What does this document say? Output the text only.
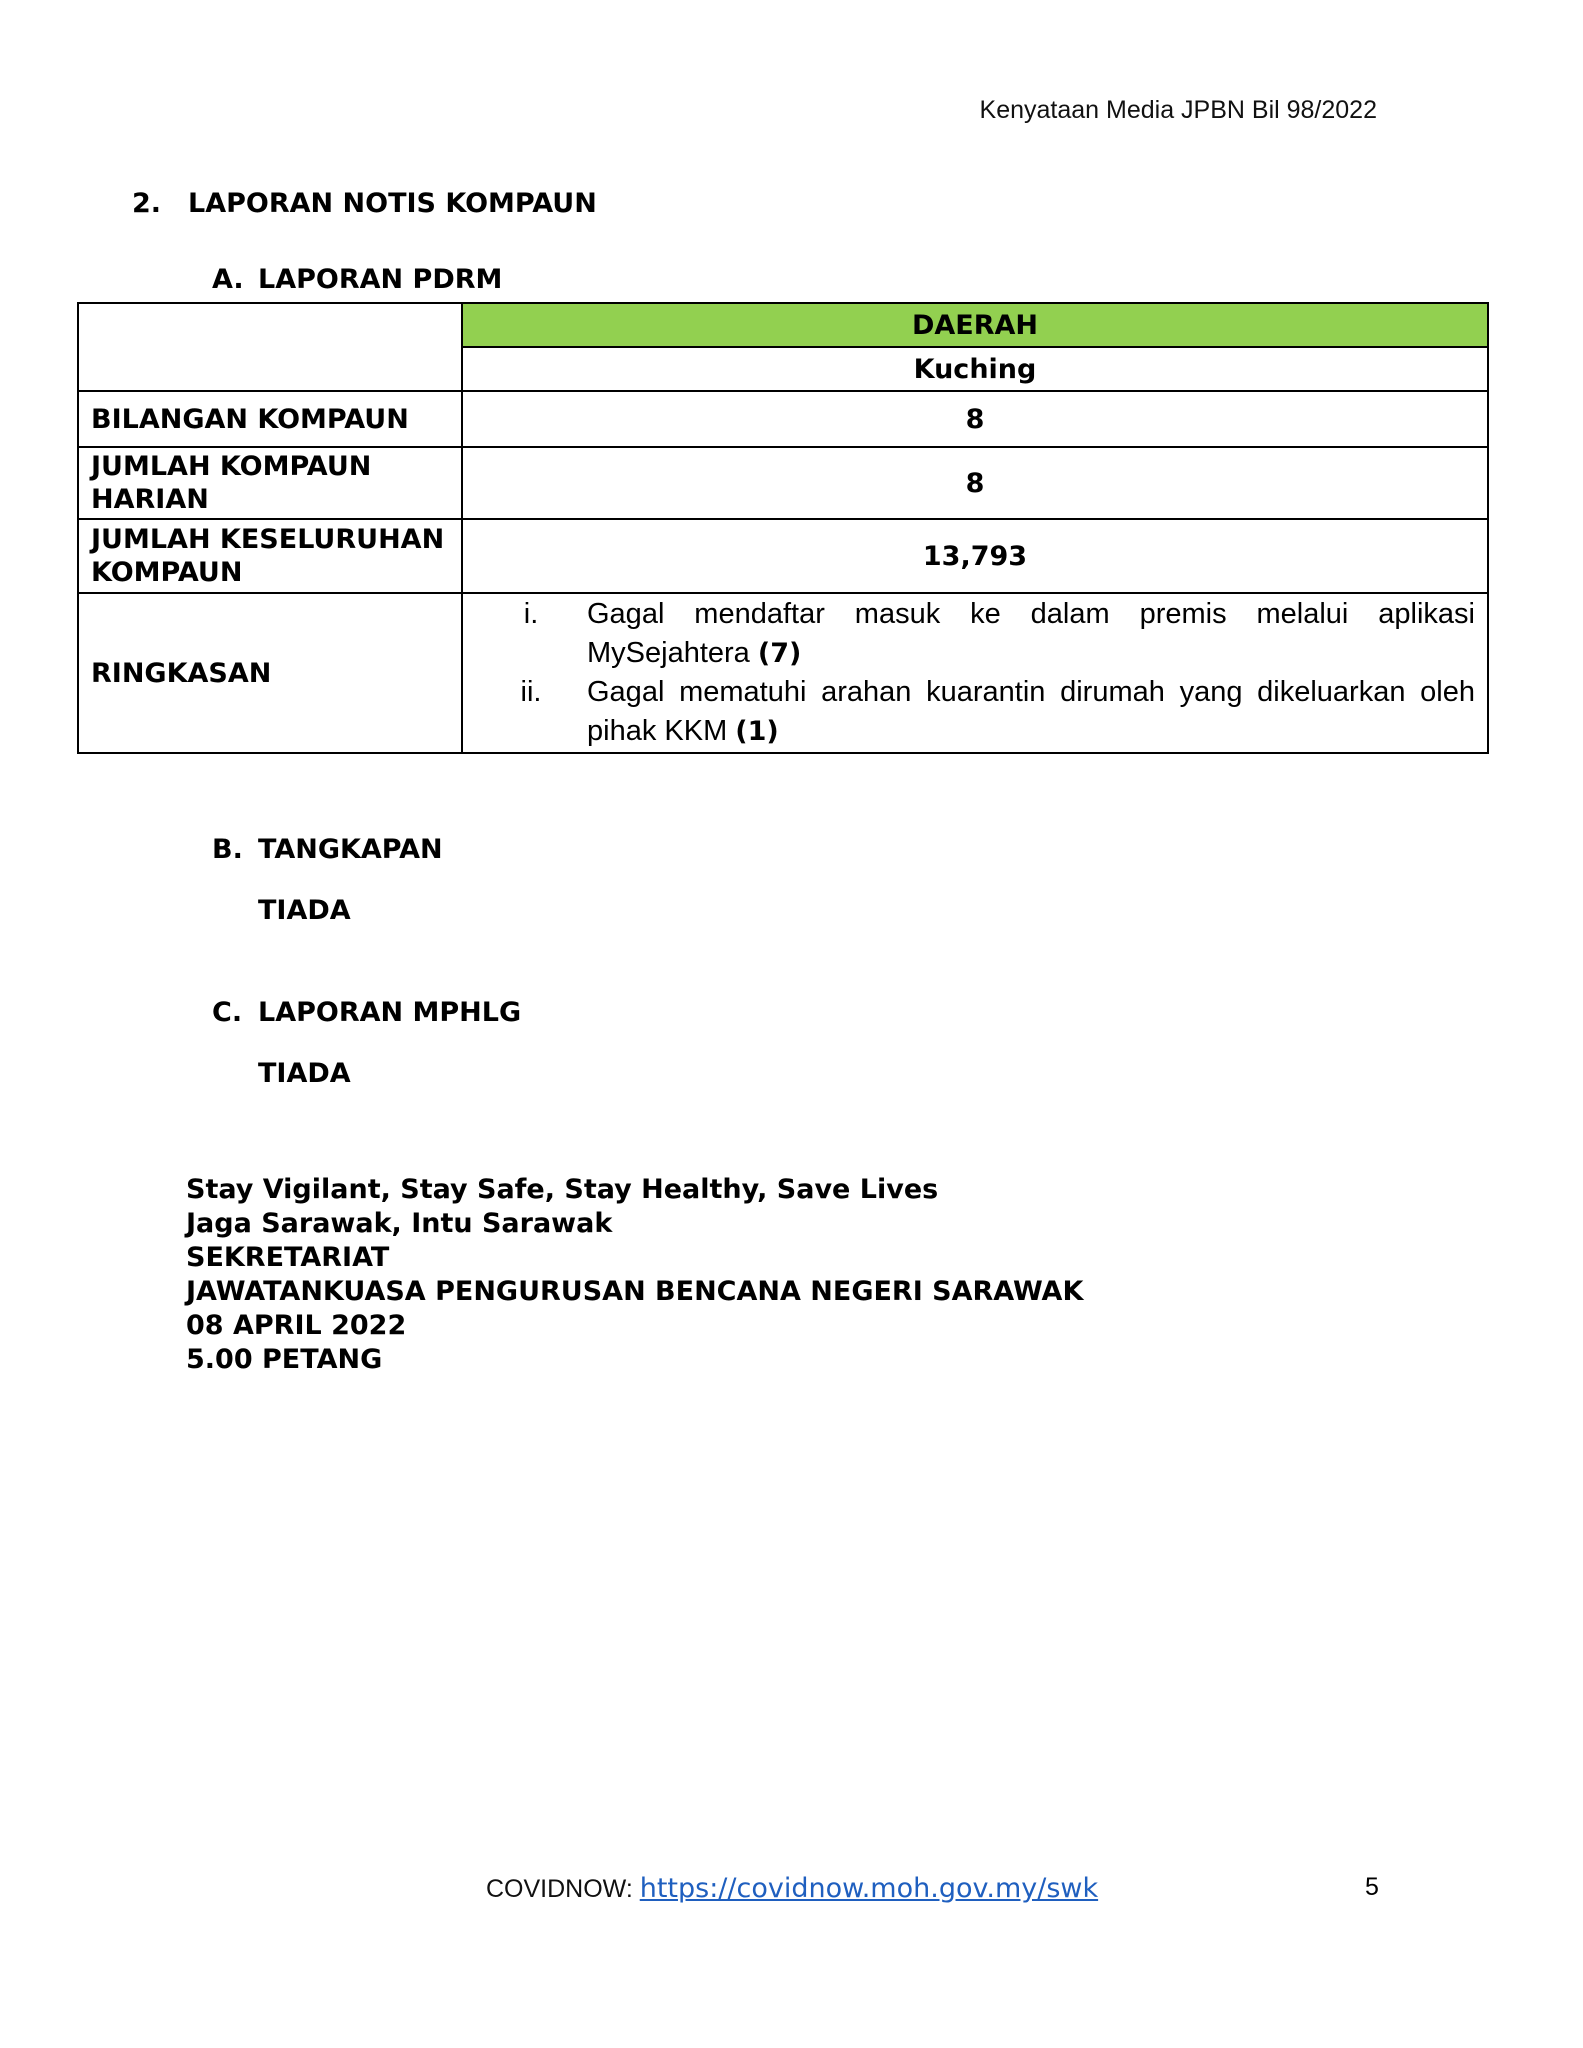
Kenyataan Media JPBN Bil 98/2022
2. LAPORAN NOTIS KOMPAUN
A. LAPORAN PDRM
	DAERAH
	Kuching
BILANGAN KOMPAUN	8

JUMLAH KOMPAUN
HARIAN	8

JUMLAH KESELURUHAN
KOMPAUN	13,793
RINGKASAN	i. Gagal mendaftar masuk ke dalam premis melalui aplikasi MySejahtera (7)
ii. Gagal mematuhi arahan kuarantin dirumah yang dikeluarkan oleh pihak KKM (1)
B. TANGKAPAN
TIADA
C. LAPORAN MPHLG
TIADA
Stay Vigilant, Stay Safe, Stay Healthy, Save Lives
Jaga Sarawak, Intu Sarawak
SEKRETARIAT
JAWATANKUASA PENGURUSAN BENCANA NEGERI SARAWAK
08 APRIL 2022
5.00 PETANG
COVIDNOW: https://covidnow.moh.gov.my/swk	5
